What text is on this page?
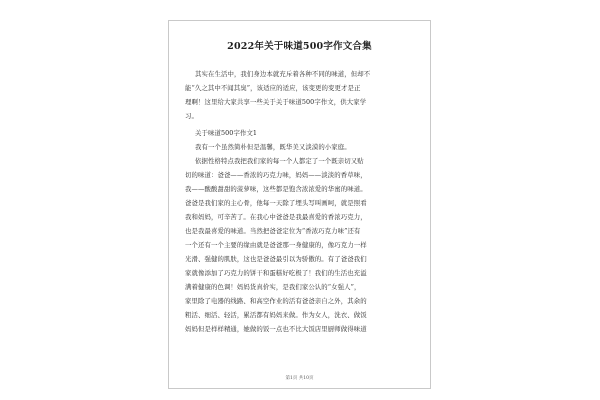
2022年关于味道500字作文合集
其实在生活中，我们身边本就充斥着各种不同的味道，但却不
能“久之其中不闻其臭”，该适应的适应，该变更的变更才是正
理啊！这里给大家共享一些关于关于味道500字作文，供大家学
习。
关于味道500字作文1
我有一个虽然简朴但是温馨，既华美又淡漠的小家庭。
依据性格特点我把我们家的每一个人都定了一个既亲切又贴
切的味道：爸爸——香浓的巧克力味，妈妈——淡淡的香草味，
我——酸酸甜甜的菠萝味，这些都是饱含浓浓爱的华蜜的味道。
爸爸是我们家的主心骨，他每一天除了埋头写叫画呵，就是照看
我和妈妈，可辛苦了。在我心中爸爸是我最喜爱的香浓巧克力，
也是我最喜爱的味道。当然把爸爸定位为“香浓巧克力味”还有
一个还有一个主要的缘由就是爸爸那一身健康的，像巧克力一样
光滑、强健的肌肤，这也是爸爸最引以为骄傲的。有了爸爸我们
家就像添加了巧克力的饼干和蛋糕好吃极了！我们的生活也充溢
满着健康的色调！妈妈货真价实，是我们家公认的“女强人”，
家里除了电器的线路、和高空作业的活有爸爸亲自之外，其余的
粗活、细活、轻活，累活都有妈妈来做。作为女人，洗衣、做饭
妈妈但是样样精通，她做的饭一点也不比大饭店里厨师做得味道
第1页 共10页
